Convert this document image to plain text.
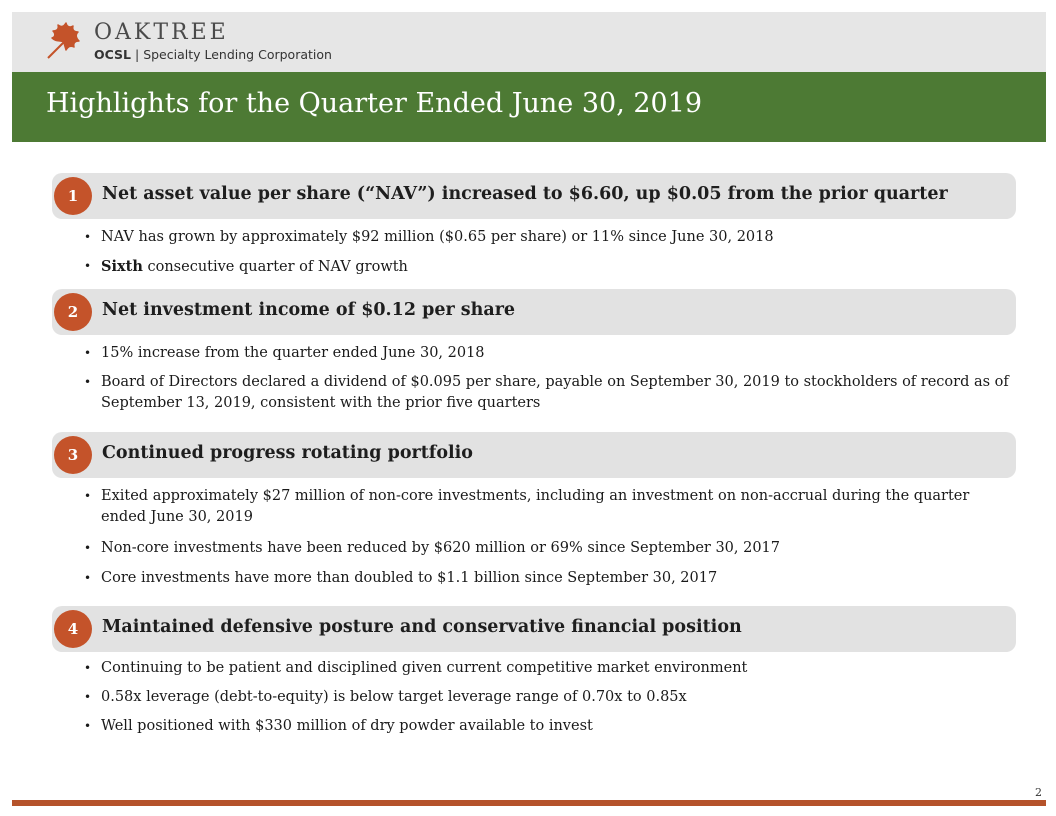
OAKTREE
OCSL | Specialty Lending Corporation
Highlights for the Quarter Ended June 30, 2019
1	Net asset value per share (“NAV”) increased to $6.60, up $0.05 from the prior quarter
• NAV has grown by approximately $92 million ($0.65 per share) or 11% since June 30, 2018
• Sixth consecutive quarter of NAV growth
2	Net investment income of $0.12 per share
• 15% increase from the quarter ended June 30, 2018
• Board of Directors declared a dividend of $0.095 per share, payable on September 30, 2019 to stockholders of record as of September 13, 2019, consistent with the prior five quarters
3	Continued progress rotating portfolio
• Exited approximately $27 million of non-core investments, including an investment on non-accrual during the quarter ended June 30, 2019
• Non-core investments have been reduced by $620 million or 69% since September 30, 2017
• Core investments have more than doubled to $1.1 billion since September 30, 2017
4	Maintained defensive posture and conservative financial position
• Continuing to be patient and disciplined given current competitive market environment
• 0.58x leverage (debt-to-equity) is below target leverage range of 0.70x to 0.85x
• Well positioned with $330 million of dry powder available to invest
2
